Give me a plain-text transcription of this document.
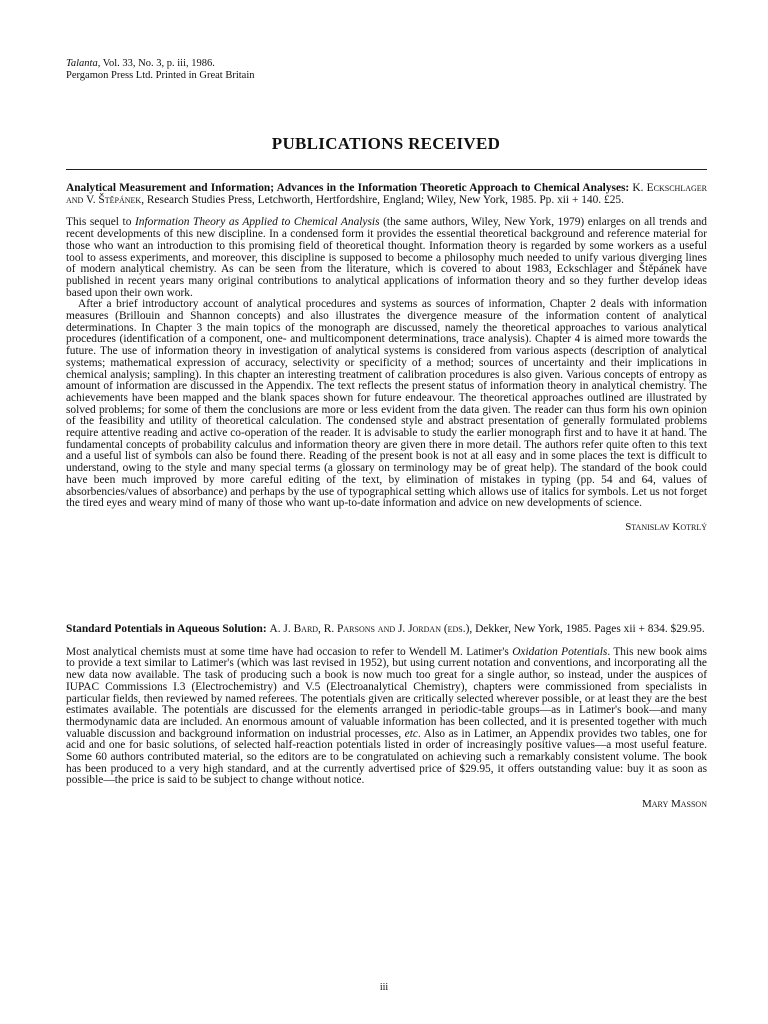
Talanta, Vol. 33, No. 3, p. iii, 1986.
Pergamon Press Ltd. Printed in Great Britain
PUBLICATIONS RECEIVED

Analytical Measurement and Information; Advances in the Information Theoretic Approach to Chemical Analyses: K. Eckschlager and V. Štěpánek, Research Studies Press, Letchworth, Hertfordshire, England; Wiley, New York, 1985. Pp. xii + 140. £25.

This sequel to Information Theory as Applied to Chemical Analysis (the same authors, Wiley, New York, 1979) enlarges on all trends and recent developments of this new discipline. In a condensed form it provides the essential theoretical background and reference material for those who want an introduction to this promising field of theoretical thought. Information theory is regarded by some workers as a useful tool to assess experiments, and moreover, this discipline is supposed to become a philosophy much needed to unify various diverging lines of modern analytical chemistry. As can be seen from the literature, which is covered to about 1983, Eckschlager and Štěpánek have published in recent years many original contributions to analytical applications of information theory and so they further develop ideas based upon their own work.

After a brief introductory account of analytical procedures and systems as sources of information, Chapter 2 deals with information measures (Brillouin and Shannon concepts) and also illustrates the divergence measure of the information content of analytical determinations. In Chapter 3 the main topics of the monograph are discussed, namely the theoretical approaches to various analytical procedures (identification of a component, one- and multicomponent determinations, trace analysis). Chapter 4 is aimed more towards the future. The use of information theory in investigation of analytical systems is considered from various aspects (description of analytical systems; mathematical expression of accuracy, selectivity or specificity of a method; sources of uncertainty and their implications in chemical analysis; sampling). In this chapter an interesting treatment of calibration procedures is also given. Various concepts of entropy as amount of information are discussed in the Appendix. The text reflects the present status of information theory in analytical chemistry. The achievements have been mapped and the blank spaces shown for future endeavour. The theoretical approaches outlined are illustrated by solved problems; for some of them the conclusions are more or less evident from the data given. The reader can thus form his own opinion of the feasibility and utility of theoretical calculation. The condensed style and abstract presentation of generally formulated problems require attentive reading and active co-operation of the reader. It is advisable to study the earlier monograph first and to have it at hand. The fundamental concepts of probability calculus and information theory are given there in more detail. The authors refer quite often to this text and a useful list of symbols can also be found there. Reading of the present book is not at all easy and in some places the text is difficult to understand, owing to the style and many special terms (a glossary on terminology may be of great help). The standard of the book could have been much improved by more careful editing of the text, by elimination of mistakes in typing (pp. 54 and 64, values of absorbencies/values of absorbance) and perhaps by the use of typographical setting which allows use of italics for symbols. Let us not forget the tired eyes and weary mind of many of those who want up-to-date information and advice on new developments of science.

Stanislav Kotrlý

Standard Potentials in Aqueous Solution: A. J. Bard, R. Parsons and J. Jordan (eds.), Dekker, New York, 1985. Pages xii + 834. $29.95.

Most analytical chemists must at some time have had occasion to refer to Wendell M. Latimer's Oxidation Potentials. This new book aims to provide a text similar to Latimer's (which was last revised in 1952), but using current notation and conventions, and incorporating all the new data now available. The task of producing such a book is now much too great for a single author, so instead, under the auspices of IUPAC Commissions I.3 (Electrochemistry) and V.5 (Electroanalytical Chemistry), chapters were commissioned from specialists in particular fields, then reviewed by named referees. The potentials given are critically selected wherever possible, or at least they are the best estimates available. The potentials are discussed for the elements arranged in periodic-table groups—as in Latimer's book—and many thermodynamic data are included. An enormous amount of valuable information has been collected, and it is presented together with much valuable discussion and background information on industrial processes, etc. Also as in Latimer, an Appendix provides two tables, one for acid and one for basic solutions, of selected half-reaction potentials listed in order of increasingly positive values—a most useful feature. Some 60 authors contributed material, so the editors are to be congratulated on achieving such a remarkably consistent volume. The book has been produced to a very high standard, and at the currently advertised price of $29.95, it offers outstanding value: buy it as soon as possible—the price is said to be subject to change without notice.

Mary Masson

iii
